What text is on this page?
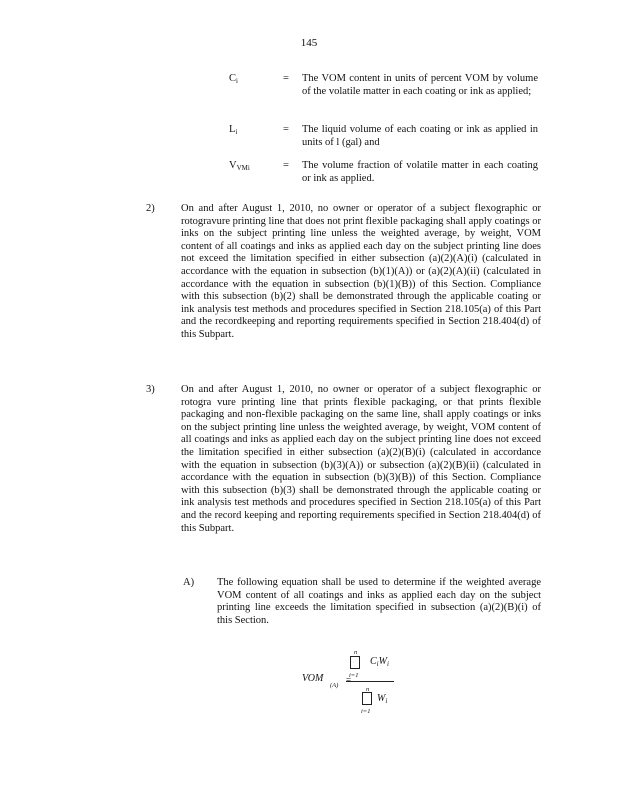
145
$C_i$	= The VOM content in units of percent VOM by volume of the volatile matter in each coating or ink as applied;
$L_i$	= The liquid volume of each coating or ink as applied in units of l (gal) and
$V_{VMi}$	= The volume fraction of volatile matter in each coating or ink as applied.
2)	On and after August 1, 2010, no owner or operator of a subject flexographic or rotogravure printing line that does not print flexible packaging shall apply coatings or inks on the subject printing line unless the weighted average, by weight, VOM content of all coatings and inks as applied each day on the subject printing line does not exceed the limitation specified in either subsection (a)(2)(A)(i) (calculated in accordance with the equation in subsection (b)(1)(A)) or (a)(2)(A)(ii) (calculated in accordance with the equation in subsection (b)(1)(B)) of this Section. Compliance with this subsection (b)(2) shall be demonstrated through the applicable coating or ink analysis test methods and procedures specified in Section 218.105(a) of this Part and the recordkeeping and reporting requirements specified in Section 218.404(d) of this Subpart.
3)	On and after August 1, 2010, no owner or operator of a subject flexographic or rotogra vure printing line that prints flexible packaging, or that prints flexible packaging and non-flexible packaging on the same line, shall apply coatings or inks on the subject printing line unless the weighted average, by weight, VOM content of all coatings and inks as applied each day on the subject printing line does not exceed the limitation specified in either subsection (a)(2)(B)(i) (calculated in accordance with the equation in subsection (b)(3)(A)) or subsection (a)(2)(B)(ii) (calculated in accordance with the equation in subsection (b)(3)(B)) of this Section. Compliance with this subsection (b)(3) shall be demonstrated through the applicable coating or ink analysis test methods and procedures specified in Section 218.105(a) of this Part and the record keeping and reporting requirements specified in Section 218.404(d) of this Subpart.
A) The following equation shall be used to determine if the weighted average VOM content of all coatings and inks as applied each day on the subject printing line exceeds the limitation specified in subsection (a)(2)(B)(i) of this Section.
VOM
(A)
=
n
i=1
$C_iW_i$
n
i=1
$W_i$
